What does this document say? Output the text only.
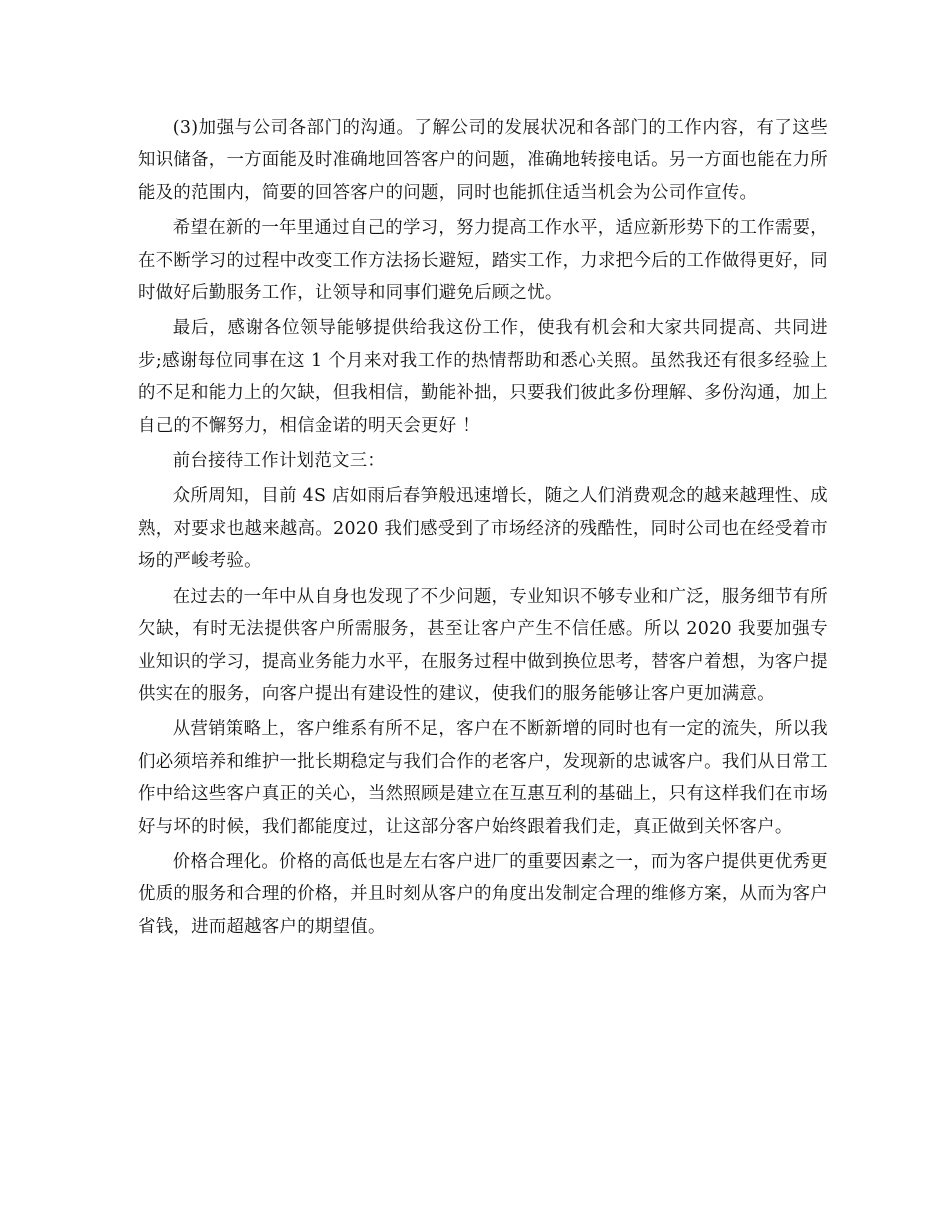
(3)加强与公司各部门的沟通。了解公司的发展状况和各部门的工作内容，有了这些知识储备，一方面能及时准确地回答客户的问题，准确地转接电话。另一方面也能在力所能及的范围内，简要的回答客户的问题，同时也能抓住适当机会为公司作宣传。

希望在新的一年里通过自己的学习，努力提高工作水平，适应新形势下的工作需要，在不断学习的过程中改变工作方法扬长避短，踏实工作，力求把今后的工作做得更好，同时做好后勤服务工作，让领导和同事们避免后顾之忧。

最后，感谢各位领导能够提供给我这份工作，使我有机会和大家共同提高、共同进步;感谢每位同事在这 1 个月来对我工作的热情帮助和悉心关照。虽然我还有很多经验上的不足和能力上的欠缺，但我相信，勤能补拙，只要我们彼此多份理解、多份沟通，加上自己的不懈努力，相信金诺的明天会更好 ！

前台接待工作计划范文三：

众所周知，目前 4S 店如雨后春笋般迅速增长，随之人们消费观念的越来越理性、成熟，对要求也越来越高。2020 我们感受到了市场经济的残酷性，同时公司也在经受着市场的严峻考验。

在过去的一年中从自身也发现了不少问题，专业知识不够专业和广泛，服务细节有所欠缺，有时无法提供客户所需服务，甚至让客户产生不信任感。所以 2020 我要加强专业知识的学习，提高业务能力水平，在服务过程中做到换位思考，替客户着想，为客户提供实在的服务，向客户提出有建设性的建议，使我们的服务能够让客户更加满意。

从营销策略上，客户维系有所不足，客户在不断新增的同时也有一定的流失，所以我们必须培养和维护一批长期稳定与我们合作的老客户，发现新的忠诚客户。我们从日常工作中给这些客户真正的关心，当然照顾是建立在互惠互利的基础上，只有这样我们在市场好与坏的时候，我们都能度过，让这部分客户始终跟着我们走，真正做到关怀客户。

价格合理化。价格的高低也是左右客户进厂的重要因素之一，而为客户提供更优秀更优质的服务和合理的价格，并且时刻从客户的角度出发制定合理的维修方案，从而为客户省钱，进而超越客户的期望值。
